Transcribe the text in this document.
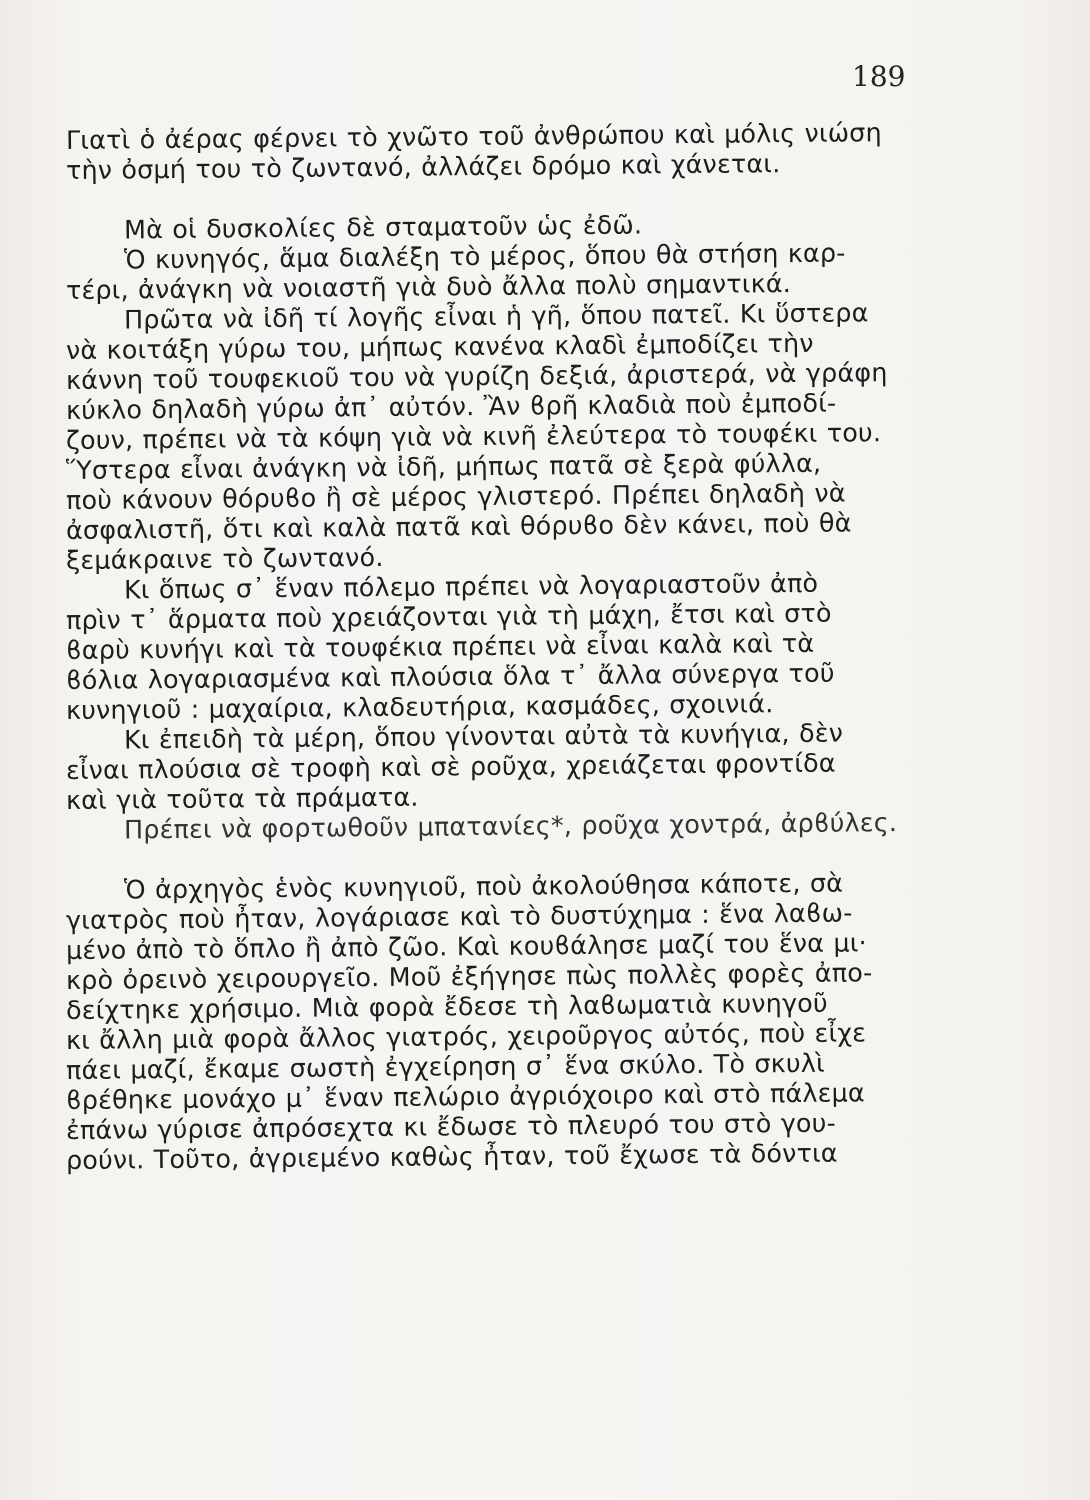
189
Γιατὶ ὁ ἀέρας φέρνει τὸ χνῶτο τοῦ ἀνθρώπου καὶ μόλις νιώση
τὴν ὀσμή του τὸ ζωντανό, ἀλλάζει δρόμο καὶ χάνεται.
Μὰ οἱ δυσκολίες δὲ σταματοῦν ὡς ἐδῶ.
Ὁ κυνηγός, ἅμα διαλέξη τὸ μέρος, ὅπου θὰ στήση καρ-
τέρι, ἀνάγκη νὰ νοιαστῆ γιὰ δυὸ ἄλλα πολὺ σημαντικά.
Πρῶτα νὰ ἰδῆ τί λογῆς εἶναι ἡ γῆ, ὅπου πατεῖ. Κι ὕστερα
νὰ κοιτάξη γύρω του, μήπως κανένα κλαδὶ ἐμποδίζει τὴν
κάννη τοῦ τουφεκιοῦ του νὰ γυρίζη δεξιά, ἀριστερά, νὰ γράφη
κύκλο δηλαδὴ γύρω ἀπ᾽ αὐτόν. Ἂν ϐρῆ κλαδιὰ ποὺ ἐμποδί-
ζουν, πρέπει νὰ τὰ κόψη γιὰ νὰ κινῆ ἐλεύτερα τὸ τουφέκι του.
Ὕστερα εἶναι ἀνάγκη νὰ ἰδῆ, μήπως πατᾶ σὲ ξερὰ φύλλα,
ποὺ κάνουν θόρυϐο ἢ σὲ μέρος γλιστερό. Πρέπει δηλαδὴ νὰ
ἀσφαλιστῆ, ὅτι καὶ καλὰ πατᾶ καὶ θόρυϐο δὲν κάνει, ποὺ θὰ
ξεμάκραινε τὸ ζωντανό.
Κι ὅπως σ᾽ ἕναν πόλεμο πρέπει νὰ λογαριαστοῦν ἀπὸ
πρὶν τ᾽ ἅρματα ποὺ χρειάζονται γιὰ τὴ μάχη, ἔτσι καὶ στὸ
ϐαρὺ κυνήγι καὶ τὰ τουφέκια πρέπει νὰ εἶναι καλὰ καὶ τὰ
ϐόλια λογαριασμένα καὶ πλούσια ὅλα τ᾽ ἄλλα σύνεργα τοῦ
κυνηγιοῦ : μαχαίρια, κλαδευτήρια, κασμάδες, σχοινιά.
Κι ἐπειδὴ τὰ μέρη, ὅπου γίνονται αὐτὰ τὰ κυνήγια, δὲν
εἶναι πλούσια σὲ τροφὴ καὶ σὲ ροῦχα, χρειάζεται φροντίδα
καὶ γιὰ τοῦτα τὰ πράματα.
Πρέπει νὰ φορτωθοῦν μπατανίες*, ροῦχα χοντρά, ἀρϐύλες.
Ὁ ἀρχηγὸς ἑνὸς κυνηγιοῦ, ποὺ ἀκολούθησα κάποτε, σὰ
γιατρὸς ποὺ ἦταν, λογάριασε καὶ τὸ δυστύχημα : ἕνα λαϐω-
μένο ἀπὸ τὸ ὅπλο ἢ ἀπὸ ζῶο. Καὶ κουϐάλησε μαζί του ἕνα μι·
κρὸ ὀρεινὸ χειρουργεῖο. Μοῦ ἐξήγησε πὼς πολλὲς φορὲς ἀπο-
δείχτηκε χρήσιμο. Μιὰ φορὰ ἔδεσε τὴ λαϐωματιὰ κυνηγοῦ
κι ἄλλη μιὰ φορὰ ἄλλος γιατρός, χειροῦργος αὐτός, ποὺ εἶχε
πάει μαζί, ἔκαμε σωστὴ ἐγχείρηση σ᾽ ἕνα σκύλο. Τὸ σκυλὶ
ϐρέθηκε μονάχο μ᾽ ἕναν πελώριο ἀγριόχοιρο καὶ στὸ πάλεμα
ἐπάνω γύρισε ἀπρόσεχτα κι ἔδωσε τὸ πλευρό του στὸ γου-
ρούνι. Τοῦτο, ἀγριεμένο καθὼς ἦταν, τοῦ ἔχωσε τὰ δόντια
